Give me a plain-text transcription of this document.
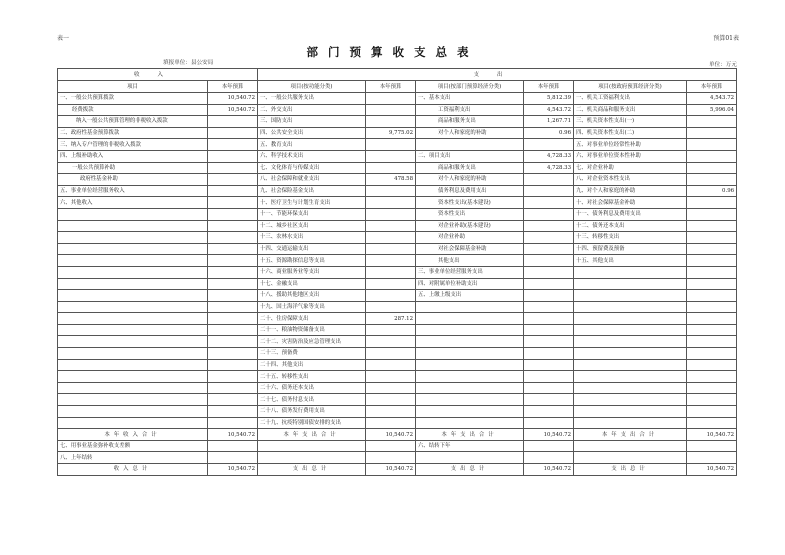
表一	预算01表
部门预算收支总表
填报单位：县公安局	单位：万元
收入		支出					
项目	本年预算	项目(按功能分类)	本年预算	项目(按部门预算经济分类)	本年预算	项目(按政府预算经济分类)	本年预算
一、一般公共预算拨款	10,540.72	一、一般公共服务支出		一、基本支出	5,812.39	一、机关工资福利支出	4,543.72
经费拨款	10,540.72	二、外交支出		工资福利支出	4,543.72	二、机关商品和服务支出	5,996.04
纳入一般公共预算管理的非税收入拨款		三、国防支出		商品和服务支出	1,267.71	三、机关资本性支出(一)	
二、政府性基金预算拨款		四、公共安全支出	9,775.02	对个人和家庭的补助	0.96	四、机关资本性支出(二)	
三、纳入专户管理的非税收入拨款		五、教育支出				五、对事业单位经常性补助	
四、上级补助收入		六、科学技术支出		二、项目支出	4,728.33	六、对事业单位资本性补助	
一般公共预算补助		七、文化体育与传媒支出		商品和服务支出	4,728.33	七、对企业补助	
政府性基金补助		八、社会保障和就业支出	478.58	对个人和家庭的补助		八、对企业资本性支出	
五、事业单位经营服务收入		九、社会保险基金支出		债务利息及费用支出		九、对个人和家庭的补助	0.96
六、其他收入		十、医疗卫生与计划生育支出		资本性支出(基本建设)		十、对社会保障基金补助	
		十一、节能环保支出		资本性支出		十一、债务利息及费用支出	
		十二、城乡社区支出		对企业补助(基本建设)		十二、债务还本支出	
		十三、农林水支出		对企业补助		十三、转移性支出	
		十四、交通运输支出		对社会保障基金补助		十四、预留费及预备	
		十五、资源勘探信息等支出		其他支出		十五、其他支出	
		十六、商业服务业等支出		三、事业单位经营服务支出			
		十七、金融支出		四、对附属单位补助支出			
		十八、援助其他地区支出		五、上缴上级支出			
		十九、国土海洋气象等支出					
		二十、住房保障支出	287.12				
		二十一、粮油物资储备支出					
		二十二、灾害防治及应急管理支出					
		二十三、预备费					
		二十四、其他支出					
		二十五、转移性支出					
		二十六、债务还本支出					
		二十七、债务付息支出					
		二十八、债务发行费用支出					
		二十九、抗疫特别国债安排的支出					
本年收入合计	10,540.72	本年支出合计	10,540.72	本年支出合计	10,540.72	本年支出合计	10,540.72
七、用事业基金弥补收支差额				六、结转下年			
八、上年结转							
收入总计	10,540.72	支出总计	10,540.72	支出总计	10,540.72	支出总计	10,540.72
